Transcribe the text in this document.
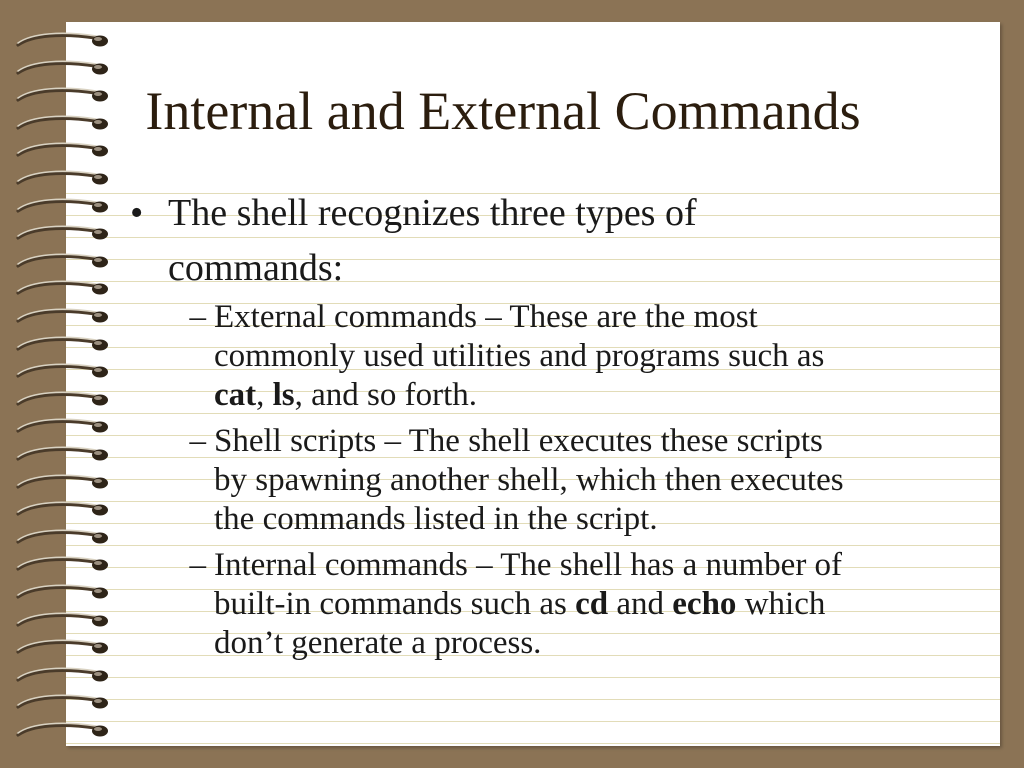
Internal and External Commands
• The shell recognizes three types of
commands:
– External commands – These are the most
commonly used utilities and programs such as
cat, ls, and so forth.
– Shell scripts – The shell executes these scripts
by spawning another shell, which then executes
the commands listed in the script.
– Internal commands – The shell has a number of
built-in commands such as cd and echo which
don’t generate a process.
